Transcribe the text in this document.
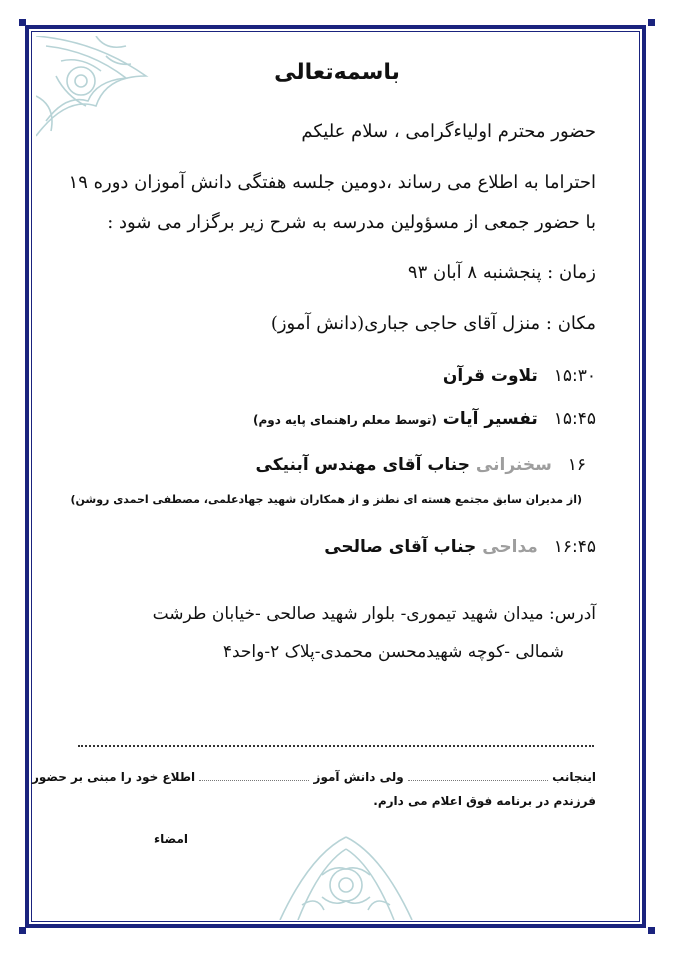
باسمه‌تعالی
حضور محترم اولیاءگرامی ، سلام علیکم
احتراما به اطلاع می رساند ،دومین جلسه هفتگی دانش آموزان دوره ۱۹
با حضور جمعی از مسؤولین مدرسه به شرح زیر برگزار می شود :
زمان : پنجشنبه ۸ آبان ۹۳
مکان : منزل آقای حاجی جباری(دانش آموز)
۱۵:۳۰ تلاوت قرآن
۱۵:۴۵ تفسیر آیات (توسط معلم راهنمای پایه دوم)
۱۶ سخنرانی جناب آقای مهندس آبنیکی
(از مدیران سابق مجتمع هسته ای نطنز و از همکاران شهید جهادعلمی، مصطفی احمدی روشن)
۱۶:۴۵ مداحی جناب آقای صالحی
آدرس: میدان شهید تیموری- بلوار شهید صالحی -خیابان طرشت
شمالی -کوچه شهیدمحسن محمدی-پلاک ۲-واحد۴
اینجانب  ولی دانش آموز  اطلاع خود را مبنی بر حضور
فرزندم در برنامه فوق اعلام می دارم.
امضاء
